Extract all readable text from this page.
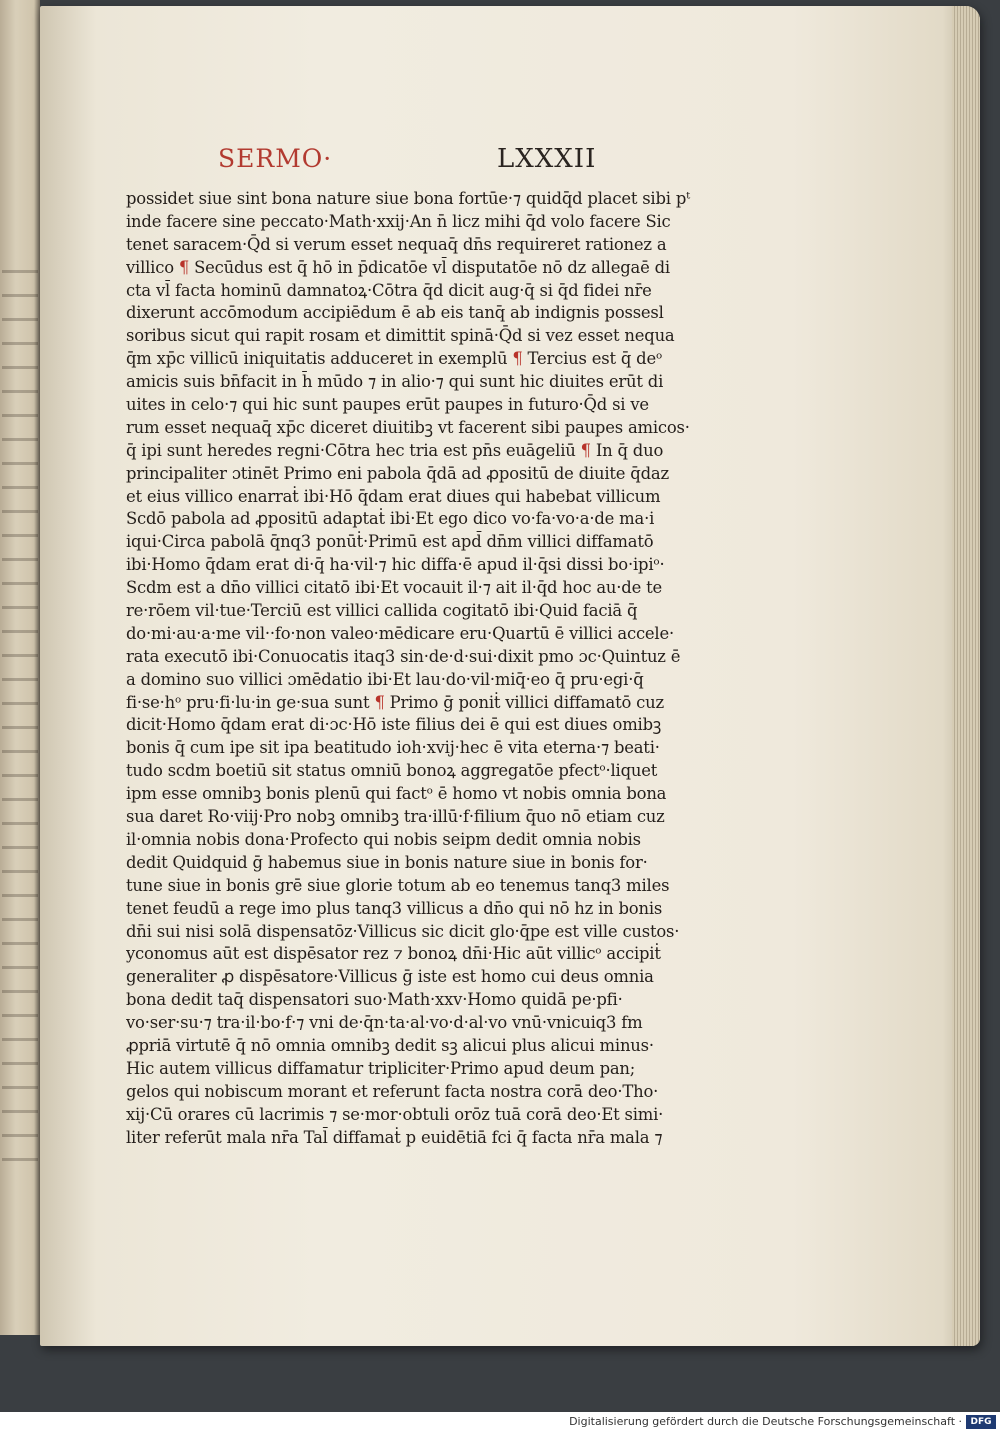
SERMO·	LXXXII
possidet siue sint bona nature siue bona fortūe·⁊ quidq̄d placet sibi pᵗ
inde facere sine peccato·Math·xxij·An n̄ licz mihi q̄d volo facere Sic
tenet saracem·Q̄d si verum esset nequaq̄ dn̄s requireret rationez a
villico ¶ Secūdus est q̄ hō in p̄dicatōe vl̄ disputatōe nō dz allegaē di
cta vl̄ facta hominū damnatoꝝ·Cōtra q̄d dicit aug·q̄ si q̄d fidei nr̄e
dixerunt accōmodum accipiēdum ē ab eis tanq̄ ab indignis possesl
soribus sicut qui rapit rosam et dimittit spinā·Q̄d si vez esset nequa
q̄m xp̄c villicū iniquitatis adduceret in exemplū ¶ Tercius est q̄ deᵒ
amicis suis bn̄facit in h̄ mūdo ⁊ in alio·⁊ qui sunt hic diuites erūt di
uites in celo·⁊ qui hic sunt paupes erūt paupes in futuro·Q̄d si ve
rum esset nequaq̄ xp̄c diceret diuitibꝫ vt facerent sibi paupes amicos·
q̄ ipi sunt heredes regni·Cōtra hec tria est pn̄s euāgeliū ¶ In q̄ duo
principaliter ɔtinēt Primo eni pabola q̄dā ad ꝓpositū de diuite q̄daz
et eius villico enarraṫ ibi·Hō q̄dam erat diues qui habebat villicum
Scdō pabola ad ꝓpositū adaptaṫ ibi·Et ego dico vo·fa·vo·a·de ma·i
iqui·Circa pabolā q̄nq3 ponūṫ·Primū est apd̄ dn̄m villici diffamatō
ibi·Homo q̄dam erat di·q̄ ha·vil·⁊ hic diffa·ē apud il·q̄si dissi bo·ipiᵒ·
Scdm est a dn̄o villici citatō ibi·Et vocauit il·⁊ ait il·q̄d hoc au·de te
re·rōem vil·tue·Terciū est villici callida cogitatō ibi·Quid faciā q̄
do·mi·au·a·me vil··fo·non valeo·mēdicare eru·Quartū ē villici accele·
rata executō ibi·Conuocatis itaq3 sin·de·d·sui·dixit pmo ɔc·Quintuz ē
a domino suo villici ɔmēdatio ibi·Et lau·do·vil·miq̄·eo q̄ pru·egi·q̄
fi·se·hᵒ pru·fi·lu·in ge·sua sunt ¶ Primo ḡ poniṫ villici diffamatō cuz
dicit·Homo q̄dam erat di·ɔc·Hō iste filius dei ē qui est diues omibꝫ
bonis q̄ cum ipe sit ipa beatitudo ioh·xvij·hec ē vita eterna·⁊ beati·
tudo scdm boetiū sit status omniū bonoꝝ aggregatōe pfectᵒ·liquet
ipm esse omnibꝫ bonis plenū qui factᵒ ē homo vt nobis omnia bona
sua daret Ro·viij·Pro nobꝫ omnibꝫ tra·illū·f·filium q̄uo nō etiam cuz
il·omnia nobis dona·Profecto qui nobis seipm dedit omnia nobis
dedit Quidquid ḡ habemus siue in bonis nature siue in bonis for·
tune siue in bonis grē siue glorie totum ab eo tenemus tanq3 miles
tenet feudū a rege imo plus tanq3 villicus a dn̄o qui nō hz in bonis
dn̄i sui nisi solā dispensatōz·Villicus sic dicit glo·q̄pe est ville custos·
yconomus aūt est dispēsator rez ⁊ bonoꝝ dn̄i·Hic aūt villicᵒ accipiṫ
generaliter ꝓ dispēsatore·Villicus ḡ iste est homo cui deus omnia
bona dedit taq̄ dispensatori suo·Math·xxv·Homo quidā pe·pfi·
vo·ser·su·⁊ tra·il·bo·f·⁊ vni de·q̄n·ta·al·vo·d·al·vo vnū·vnicuiq3 fm
ꝓpriā virtutē q̄ nō omnia omnibꝫ dedit sꝫ alicui plus alicui minus·
Hic autem villicus diffamatur tripliciter·Primo apud deum pan;
gelos qui nobiscum morant et referunt facta nostra corā deo·Tho·
xij·Cū orares cū lacrimis ⁊ se·mor·obtuli orōz tuā corā deo·Et simi·
liter referūt mala nr̄a Tal̄ diffamaṫ p euidētiā fci q̄ facta nr̄a mala ⁊
Digitalisierung gefördert durch die Deutsche Forschungsgemeinschaft · DFG
